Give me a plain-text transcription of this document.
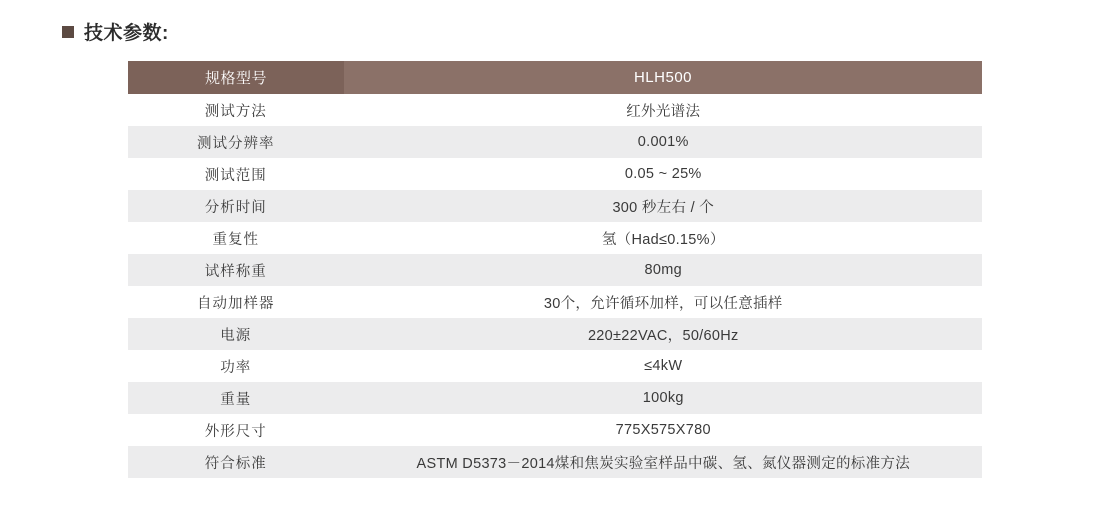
技术参数:
规格型号	HLH500
测试方法	红外光谱法
测试分辨率	0.001%
测试范围	0.05 ~ 25%
分析时间	300 秒左右 / 个
重复性	氢（Had≤0.15%）
试样称重	80mg
自动加样器	30个，允许循环加样，可以任意插样
电源	220±22VAC，50/60Hz
功率	≤4kW
重量	100kg
外形尺寸	775X575X780
符合标准	ASTM D5373－2014煤和焦炭实验室样品中碳、氢、氮仪器测定的标准方法
